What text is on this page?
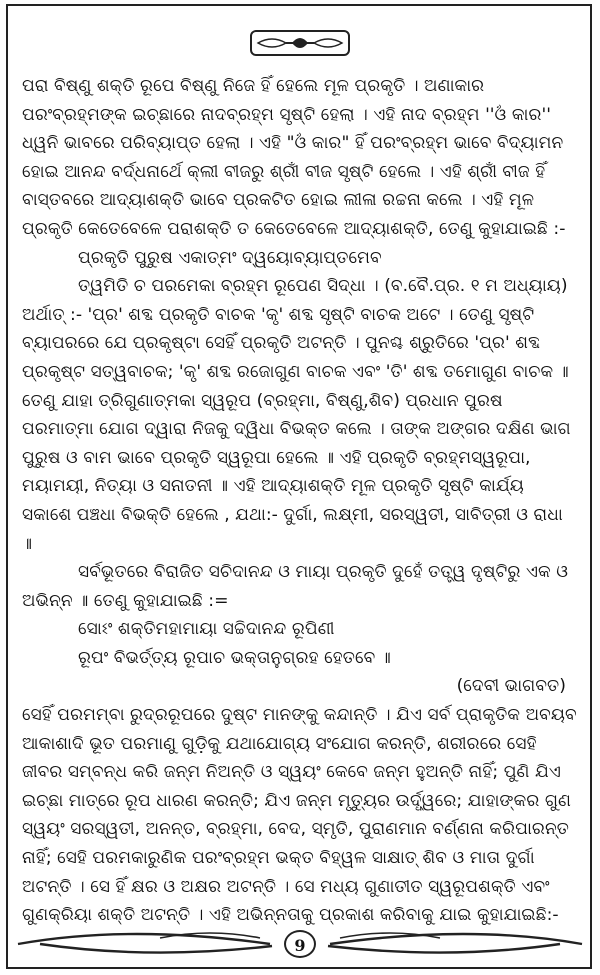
ପରା ବିଷ୍ଣୁ ଶକ୍ତି ରୂପେ ବିଷ୍ଣୁ ନିଜେ ହିଁ ହେଲେ ମୂଳ ପ୍ରକୃତି । ଅଣାକାର ପରଂବ୍ରହ୍ମଙ୍କ ଇଚ୍ଛାରେ ନାଦବ୍ରହ୍ମ ସୃଷ୍ଟି ହେଲା । ଏହି ନାଦ ବ୍ରହ୍ମ ''ଓଁ କାର'' ଧ୍ୱନି ଭାବରେ ପରିବ୍ୟାପ୍ତ ହେଲା । ଏହି "ଓଁ କାର" ହିଁ ପରଂବ୍ରହ୍ମ ଭାବେ ବିଦ୍ୟାମନ ହୋଇ ଆନନ୍ଦ ବର୍ଦ୍ଧନାର୍ଥେ କ୍ଲୀ ବୀଜରୁ ଶ୍ରୀଁ ବୀଜ ସୃଷ୍ଟି ହେଲେ । ଏହି ଶ୍ରୀଁ ବୀଜ ହିଁ ବାସ୍ତବରେ ଆଦ୍ୟାଶକ୍ତି ଭାବେ ପ୍ରକଟିତ ହୋଇ ଲୀଳା ରଚ୍ଚନା କଲେ । ଏହି ମୂଳ ପ୍ରକୃତି କେତେବେଳେ ପରାଶକ୍ତି ତ କେତେବେଳେ ଆଦ୍ୟାଶକ୍ତି, ତେଣୁ କୁହାଯାଇଛି :-

ପ୍ରକୃତି ପୁରୁଷ ଏକାତ୍ମଂ ଦ୍ୱୟୋବ୍ୟାପ୍ତମେବ

ତ୍ୱମିତି ଚ ପରମେକା ବ୍ରହ୍ମ ରୂପେଣ ସିଦ୍ଧା । (ବ.ବୈ.ପ୍ର. ୧ ମ ଅଧ୍ୟାୟ)

ଅର୍ଥାତ୍ :- 'ପ୍ର' ଶବ୍ଦ ପ୍ରକୃତି ବାଚକ 'କୃ' ଶବ୍ଦ ସୃଷ୍ଟି ବାଚକ ଅଟେ । ତେଣୁ ସୃଷ୍ଟି ବ୍ୟାପରରେ ଯେ ପ୍ରକୃଷ୍ଟା ସେହିଁ ପ୍ରକୃତି ଅଟନ୍ତି । ପୁନଶ୍ଚ ଶ୍ରୁତିରେ 'ପ୍ର' ଶବ୍ଦ ପ୍ରକୃଷ୍ଟ ସତ୍ୱବାଚକ; 'କୃ' ଶବ୍ଦ ରଜୋଗୁଣ ବାଚକ ଏବଂ 'ତି' ଶବ୍ଦ ତମୋଗୁଣ ବାଚକ ॥ ତେଣୁ ଯାହା ତ୍ରିଗୁଣାତ୍ମକା ସ୍ୱରୂପ (ବ୍ରହ୍ମା, ବିଷ୍ଣୁ,ଶିବ) ପ୍ରଧାନ ପୁରଷ ପରମାତ୍ମା ଯୋଗ ଦ୍ୱାରା ନିଜକୁ ଦ୍ୱିଧା ବିଭକ୍ତ କଲେ । ତାଙ୍କ ଅଙ୍ଗର ଦକ୍ଷିଣ ଭାଗ ପୁରୁଷ ଓ ବାମ ଭାବେ ପ୍ରକୃତି ସ୍ୱରୂପା ହେଲେ ॥ ଏହି ପ୍ରକୃତି ବ୍ରହ୍ମସ୍ୱରୂପା, ମୟାମୟୀ, ନିତ୍ୟା ଓ ସନାତନୀ ॥ ଏହି ଆଦ୍ୟାଶକ୍ତି ମୂଳ ପ୍ରକୃତି ସୃଷ୍ଟି କାର୍ଯ୍ୟ ସକାଶେ ପଞ୍ଚଧା ବିଭକ୍ତି ହେଲେ , ଯଥା:- ଦୁର୍ଗା, ଲକ୍ଷ୍ମୀ, ସରସ୍ୱତୀ, ସାବିତ୍ରୀ ଓ ରାଧା ॥

ସର୍ବଭୂତରେ ବିରାଜିତ ସଚିଦାନନ୍ଦ ଓ ମାୟା ପ୍ରକୃତି ଦୁହେଁ ତତ୍ତ୍ୱ ଦୃଷ୍ଟିରୁ ଏକ ଓ ଅଭିନ୍ନ ॥ ତେଣୁ କୁହାଯାଇଛି :=

ସୋଽଂ ଶକ୍ତିମହାମାୟା ସଚ୍ଚିଦାନନ୍ଦ ରୂପିଣୀ

ରୂପଂ ବିଭର୍ତ୍ତ୍ୟ ରୂପାଚ ଭକ୍ତାନୁଗ୍ରହ ହେତବେ ॥

(ଦେବୀ ଭାଗବତ)

ସେହିଁ ପରମମ୍ବା ରୁଦ୍ରରୂପରେ ଦୁଷ୍ଟ ମାନଙ୍କୁ କନ୍ଦାନ୍ତି । ଯିଏ ସର୍ବ ପ୍ରାକୃତିକ ଅବୟବ ଆକାଶାଦି ଭୂତ ପରମାଣୁ ଗୁଡ଼ିକୁ ଯଥାଯୋଗ୍ୟ ସଂଯୋଗ କରନ୍ତି, ଶରୀରରେ ସେହି ଜୀବର ସମ୍ବନ୍ଧ କରି ଜନ୍ମ ନିଅନ୍ତି ଓ ସ୍ୱୟଂ କେବେ ଜନ୍ମ ହୁଅନ୍ତି ନାହିଁ; ପୁଣି ଯିଏ ଇଚ୍ଛା ମାତ୍ରେ ରୂପ ଧାରଣ କରନ୍ତି; ଯିଏ ଜନ୍ମ ମୃତ୍ୟୁର ଉର୍ଦ୍ଧ୍ୱରେ; ଯାହାଙ୍କର ଗୁଣ ସ୍ୱୟଂ ସରସ୍ୱତୀ, ଅନନ୍ତ, ବ୍ରହ୍ମା, ବେଦ, ସ୍ମୃତି, ପୁରାଣମାନ ବର୍ଣ୍ଣନା କରିପାରନ୍ତ ନାହିଁ; ସେହି ପରମକାରୁଣିକ ପରଂବ୍ରହ୍ମ ଭକ୍ତ ବିହ୍ୱଳ ସାକ୍ଷାତ୍ ଶିବ ଓ ମାତା ଦୁର୍ଗା ଅଟନ୍ତି । ସେ ହିଁ କ୍ଷର ଓ ଅକ୍ଷର ଅଟନ୍ତି । ସେ ମଧ୍ୟ ଗୁଣାତୀତ ସ୍ୱରୂପଶକ୍ତି ଏବଂ ଗୁଣକ୍ରିୟା ଶକ୍ତି ଅଟନ୍ତି । ଏହି ଅଭିନ୍ନତାକୁ ପ୍ରକାଶ କରିବାକୁ ଯାଇ କୁହାଯାଇଛି:-

9
